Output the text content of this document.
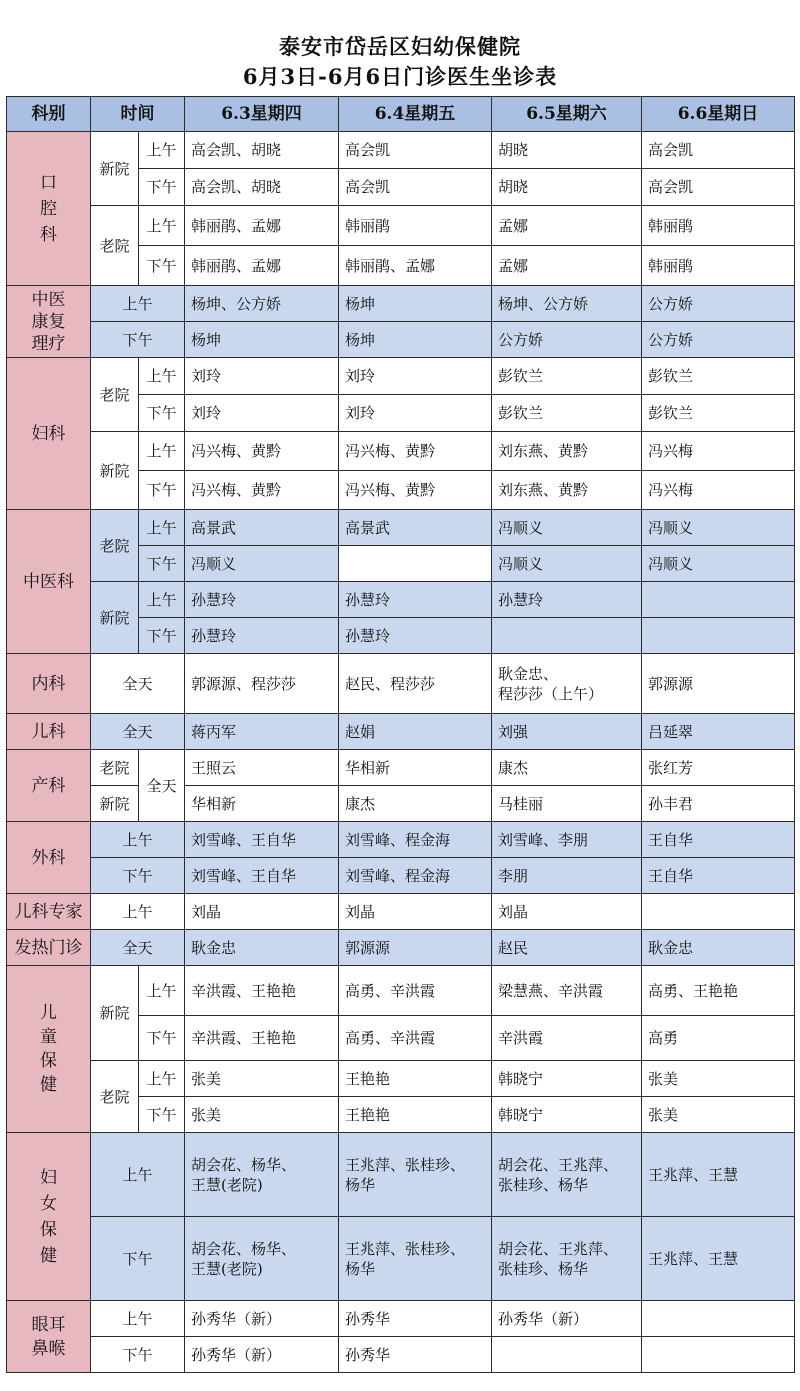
泰安市岱岳区妇幼保健院
6月3日-6月6日门诊医生坐诊表
科别	时间		6.3星期四	6.4星期五	6.5星期六	6.6星期日
口
腔
科	新院	上午	高会凯、胡晓	高会凯	胡晓	高会凯
		下午	高会凯、胡晓	高会凯	胡晓	高会凯
	老院	上午	韩丽鹃、孟娜	韩丽鹃	孟娜	韩丽鹃
		下午	韩丽鹃、孟娜	韩丽鹃、孟娜	孟娜	韩丽鹃
中医
康复
理疗	上午		杨坤、公方娇	杨坤	杨坤、公方娇	公方娇
	下午		杨坤	杨坤	公方娇	公方娇
妇科	老院	上午	刘玲	刘玲	彭钦兰	彭钦兰
		下午	刘玲	刘玲	彭钦兰	彭钦兰
	新院	上午	冯兴梅、黄黔	冯兴梅、黄黔	刘东燕、黄黔	冯兴梅
		下午	冯兴梅、黄黔	冯兴梅、黄黔	刘东燕、黄黔	冯兴梅
中医科	老院	上午	高景武	高景武	冯顺义	冯顺义
		下午	冯顺义		冯顺义	冯顺义
	新院	上午	孙慧玲	孙慧玲	孙慧玲	
		下午	孙慧玲	孙慧玲		
内科	全天		郭源源、程莎莎	赵民、程莎莎	耿金忠、
程莎莎（上午）	郭源源
儿科	全天		蒋丙军	赵娟	刘强	吕延翠
产科	老院	全天	王照云	华相新	康杰	张红芳
	新院		华相新	康杰	马桂丽	孙丰君
外科	上午		刘雪峰、王自华	刘雪峰、程金海	刘雪峰、李朋	王自华
	下午		刘雪峰、王自华	刘雪峰、程金海	李朋	王自华
儿科专家	上午		刘晶	刘晶	刘晶	
发热门诊	全天		耿金忠	郭源源	赵民	耿金忠
儿
童
保
健	新院	上午	辛洪霞、王艳艳	高勇、辛洪霞	梁慧燕、辛洪霞	高勇、王艳艳
		下午	辛洪霞、王艳艳	高勇、辛洪霞	辛洪霞	高勇
	老院	上午	张美	王艳艳	韩晓宁	张美
		下午	张美	王艳艳	韩晓宁	张美
妇
女
保
健	上午		胡会花、杨华、
王慧(老院)	王兆萍、张桂珍、
杨华	胡会花、王兆萍、
张桂珍、杨华	王兆萍、王慧
	下午		胡会花、杨华、
王慧(老院)	王兆萍、张桂珍、
杨华	胡会花、王兆萍、
张桂珍、杨华	王兆萍、王慧
眼耳
鼻喉	上午		孙秀华（新）	孙秀华	孙秀华（新）	
	下午		孙秀华（新）	孙秀华		
